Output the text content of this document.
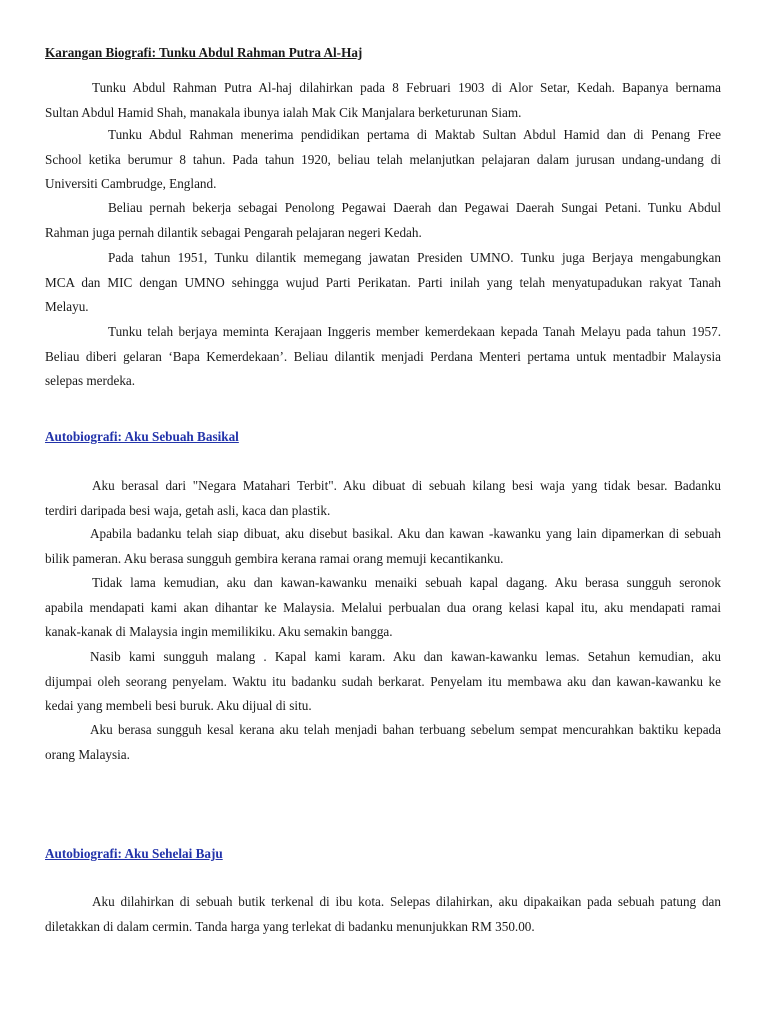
Karangan Biografi: Tunku Abdul Rahman Putra Al-Haj
Tunku Abdul Rahman Putra Al-haj dilahirkan pada 8 Februari 1903 di Alor Setar, Kedah. Bapanya bernama
Sultan Abdul Hamid Shah, manakala ibunya ialah Mak Cik Manjalara berketurunan Siam.
Tunku Abdul Rahman menerima pendidikan pertama di Maktab Sultan Abdul Hamid dan di Penang Free
School ketika berumur 8 tahun. Pada tahun 1920, beliau telah melanjutkan pelajaran dalam jurusan undang-undang di
Universiti Cambrudge, England.
Beliau pernah bekerja sebagai Penolong Pegawai Daerah dan Pegawai Daerah Sungai Petani. Tunku Abdul
Rahman juga pernah dilantik sebagai Pengarah pelajaran negeri Kedah.
Pada tahun 1951, Tunku dilantik memegang jawatan Presiden UMNO. Tunku juga Berjaya mengabungkan
MCA dan MIC dengan UMNO sehingga wujud Parti Perikatan. Parti inilah yang telah menyatupadukan rakyat Tanah
Melayu.
Tunku telah berjaya meminta Kerajaan Inggeris member kemerdekaan kepada Tanah Melayu pada tahun 1957.
Beliau diberi gelaran ‘Bapa Kemerdekaan’. Beliau dilantik menjadi Perdana Menteri pertama untuk mentadbir Malaysia
selepas merdeka.
Autobiografi: Aku Sebuah Basikal
Aku berasal dari "Negara Matahari Terbit". Aku dibuat di sebuah kilang besi waja yang tidak besar. Badanku
terdiri daripada besi waja, getah asli, kaca dan plastik.
Apabila badanku telah siap dibuat, aku disebut basikal. Aku dan kawan -kawanku yang lain dipamerkan di sebuah
bilik pameran. Aku berasa sungguh gembira kerana ramai orang memuji kecantikanku.
Tidak lama kemudian, aku dan kawan-kawanku menaiki sebuah kapal dagang. Aku berasa sungguh seronok
apabila mendapati kami akan dihantar ke Malaysia. Melalui perbualan dua orang kelasi kapal itu, aku mendapati ramai
kanak-kanak di Malaysia ingin memilikiku. Aku semakin bangga.
Nasib kami sungguh malang . Kapal kami karam. Aku dan kawan-kawanku lemas. Setahun kemudian, aku
dijumpai oleh seorang penyelam. Waktu itu badanku sudah berkarat. Penyelam itu membawa aku dan kawan-kawanku ke
kedai yang membeli besi buruk. Aku dijual di situ.
Aku berasa sungguh kesal kerana aku telah menjadi bahan terbuang sebelum sempat mencurahkan baktiku kepada
orang Malaysia.
Autobiografi: Aku Sehelai Baju
Aku dilahirkan di sebuah butik terkenal di ibu kota. Selepas dilahirkan, aku dipakaikan pada sebuah patung dan
diletakkan di dalam cermin. Tanda harga yang terlekat di badanku menunjukkan RM 350.00.
